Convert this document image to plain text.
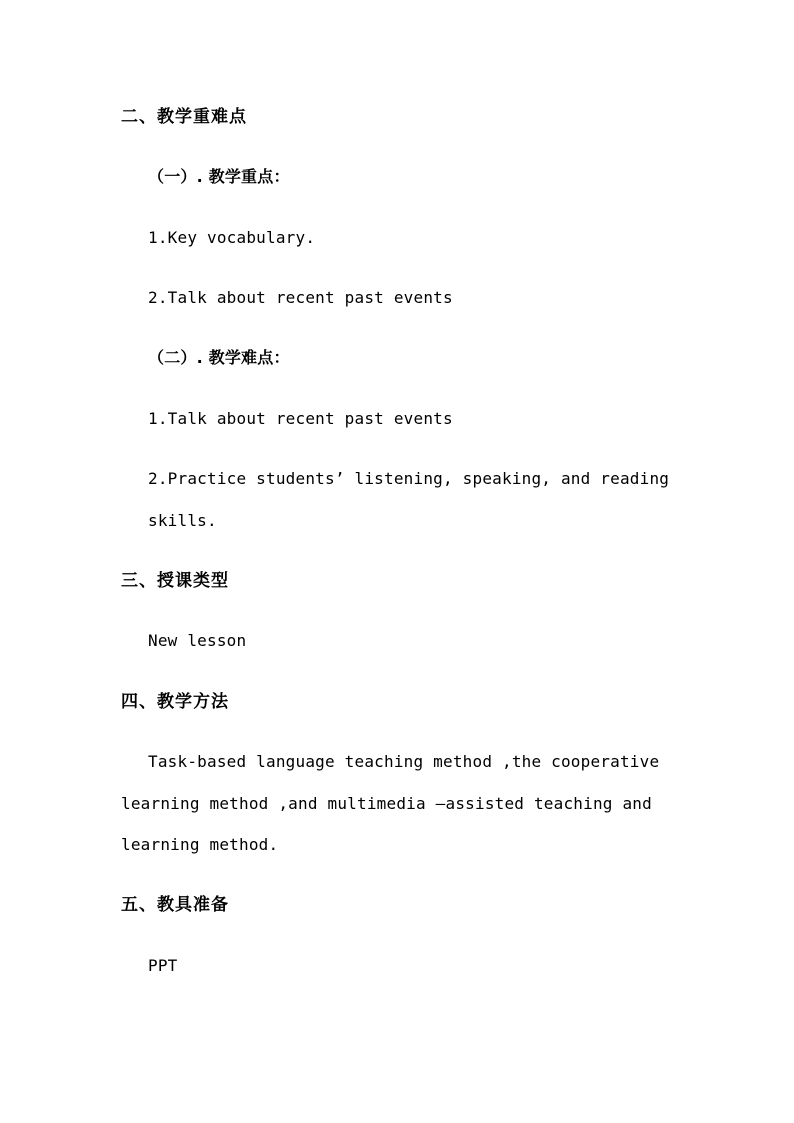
二、教学重难点
（一）. 教学重点：
1.Key vocabulary.
2.Talk about recent past events
（二）. 教学难点：
1.Talk about recent past events
2.Practice students’ listening, speaking, and reading
skills.
三、授课类型
New lesson
四、教学方法
Task-based language teaching method ,the cooperative
learning method ,and multimedia –assisted teaching and
learning method.
五、教具准备
PPT
